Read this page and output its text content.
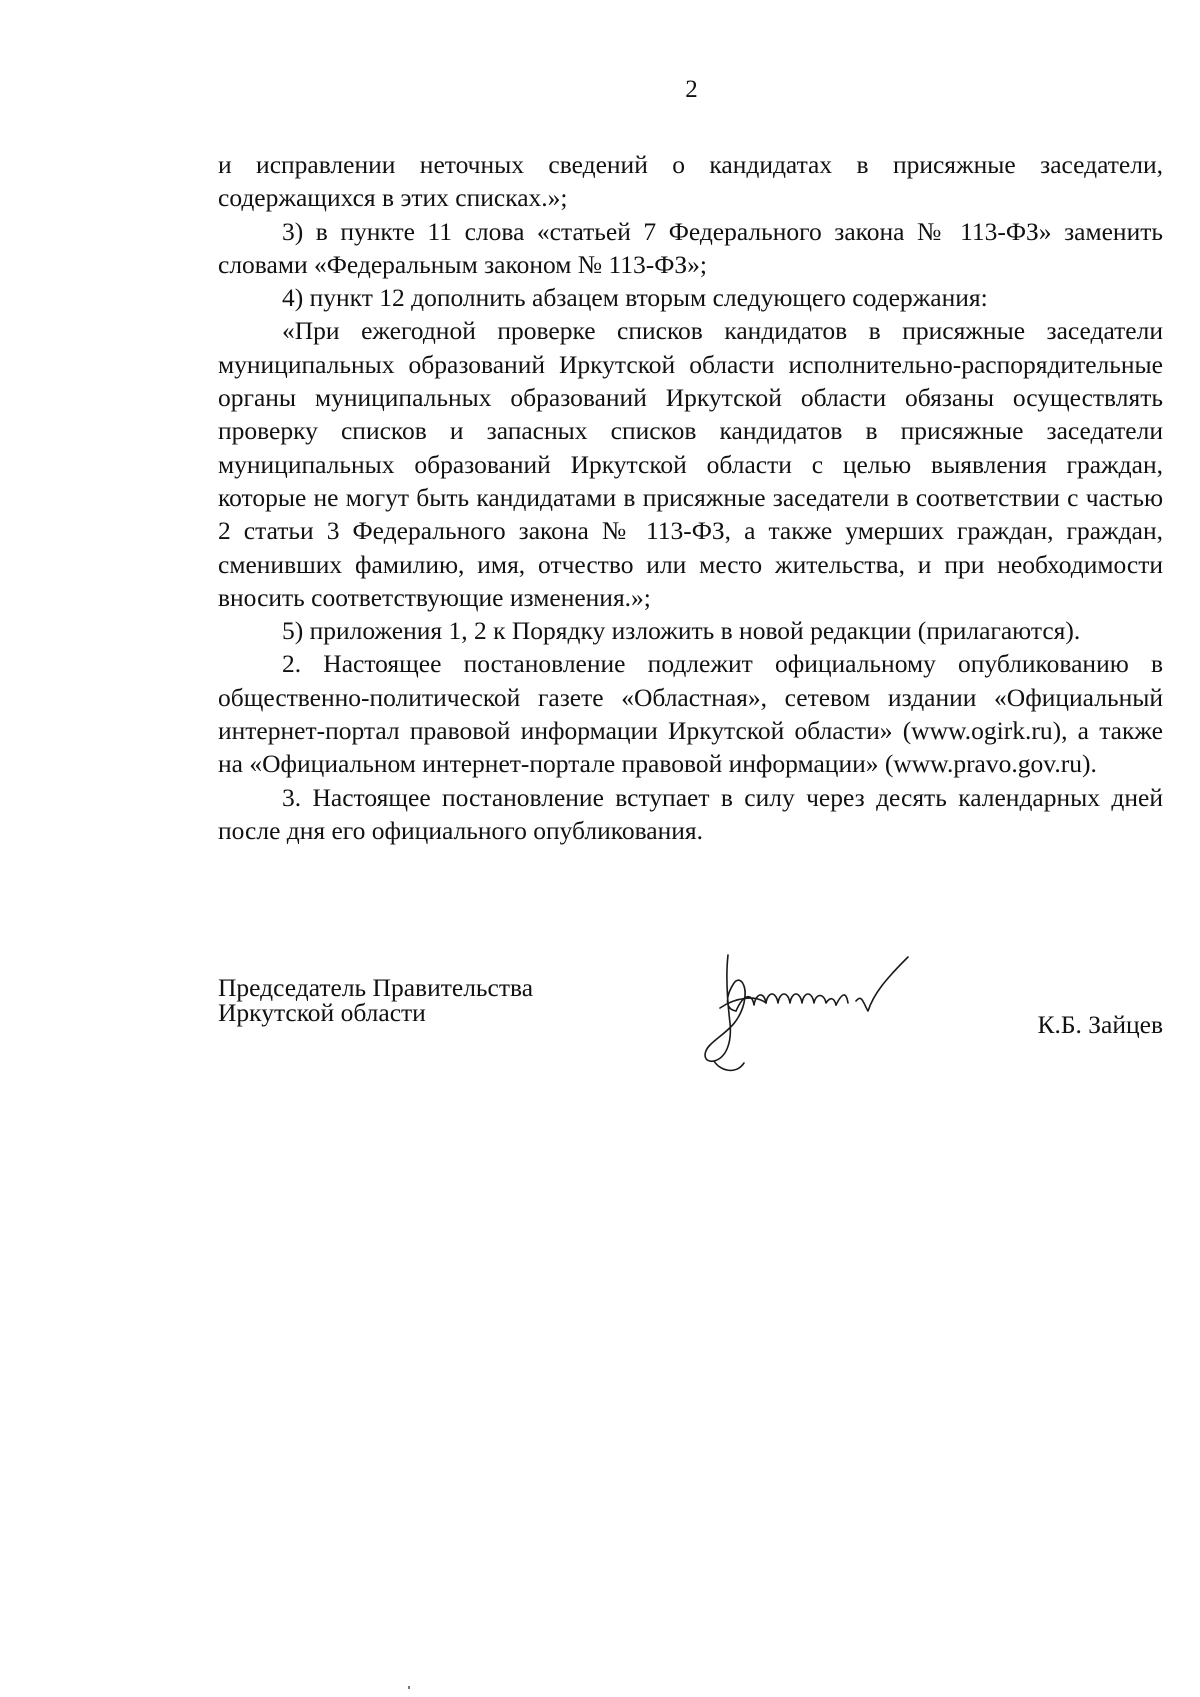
2

и исправлении неточных сведений о кандидатах в присяжные заседатели, содержащихся в этих списках.»;

3) в пункте 11 слова «статьей 7 Федерального закона № 113-ФЗ» заменить словами «Федеральным законом № 113-ФЗ»;

4) пункт 12 дополнить абзацем вторым следующего содержания:

«При ежегодной проверке списков кандидатов в присяжные заседатели муниципальных образований Иркутской области исполнительно-распорядительные органы муниципальных образований Иркутской области обязаны осуществлять проверку списков и запасных списков кандидатов в присяжные заседатели муниципальных образований Иркутской области с целью выявления граждан, которые не могут быть кандидатами в присяжные заседатели в соответствии с частью 2 статьи 3 Федерального закона № 113-ФЗ, а также умерших граждан, граждан, сменивших фамилию, имя, отчество или место жительства, и при необходимости вносить соответствующие изменения.»;

5) приложения 1, 2 к Порядку изложить в новой редакции (прилагаются).

2. Настоящее постановление подлежит официальному опубликованию в общественно-политической газете «Областная», сетевом издании «Официальный интернет-портал правовой информации Иркутской области» (www.ogirk.ru), а также на «Официальном интернет-портале правовой информации» (www.pravo.gov.ru).

3. Настоящее постановление вступает в силу через десять календарных дней после дня его официального опубликования.

Председатель Правительства
Иркутской области	К.Б. Зайцев
